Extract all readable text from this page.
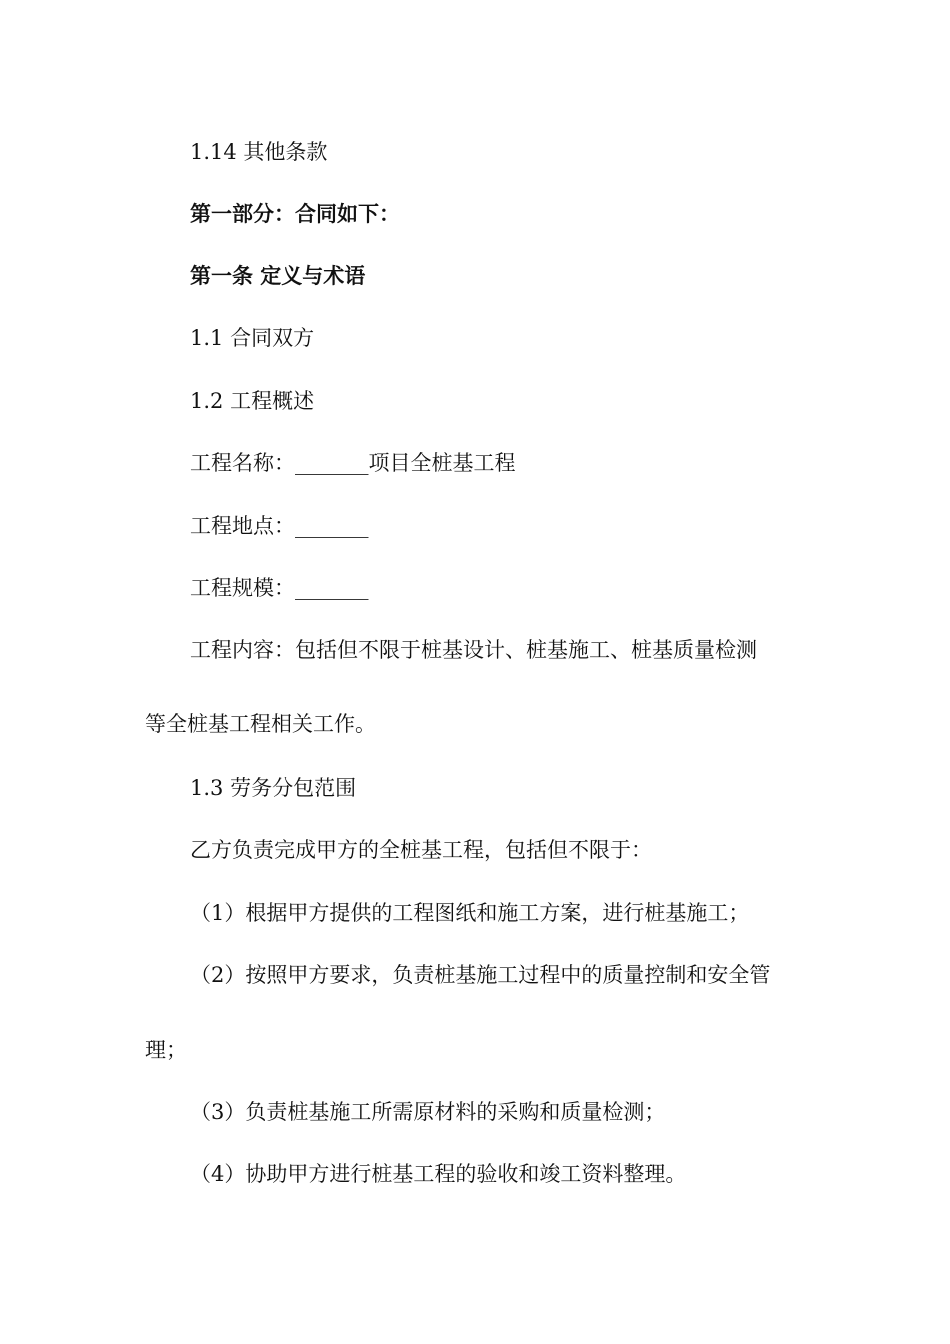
1.14 其他条款

第一部分：合同如下：

第一条 定义与术语

1.1 合同双方

1.2 工程概述

工程名称：_______项目全桩基工程

工程地点：_______

工程规模：_______

工程内容：包括但不限于桩基设计、桩基施工、桩基质量检测

等全桩基工程相关工作。

1.3 劳务分包范围

乙方负责完成甲方的全桩基工程，包括但不限于：

（1）根据甲方提供的工程图纸和施工方案，进行桩基施工；

（2）按照甲方要求，负责桩基施工过程中的质量控制和安全管

理；

（3）负责桩基施工所需原材料的采购和质量检测；

（4）协助甲方进行桩基工程的验收和竣工资料整理。
